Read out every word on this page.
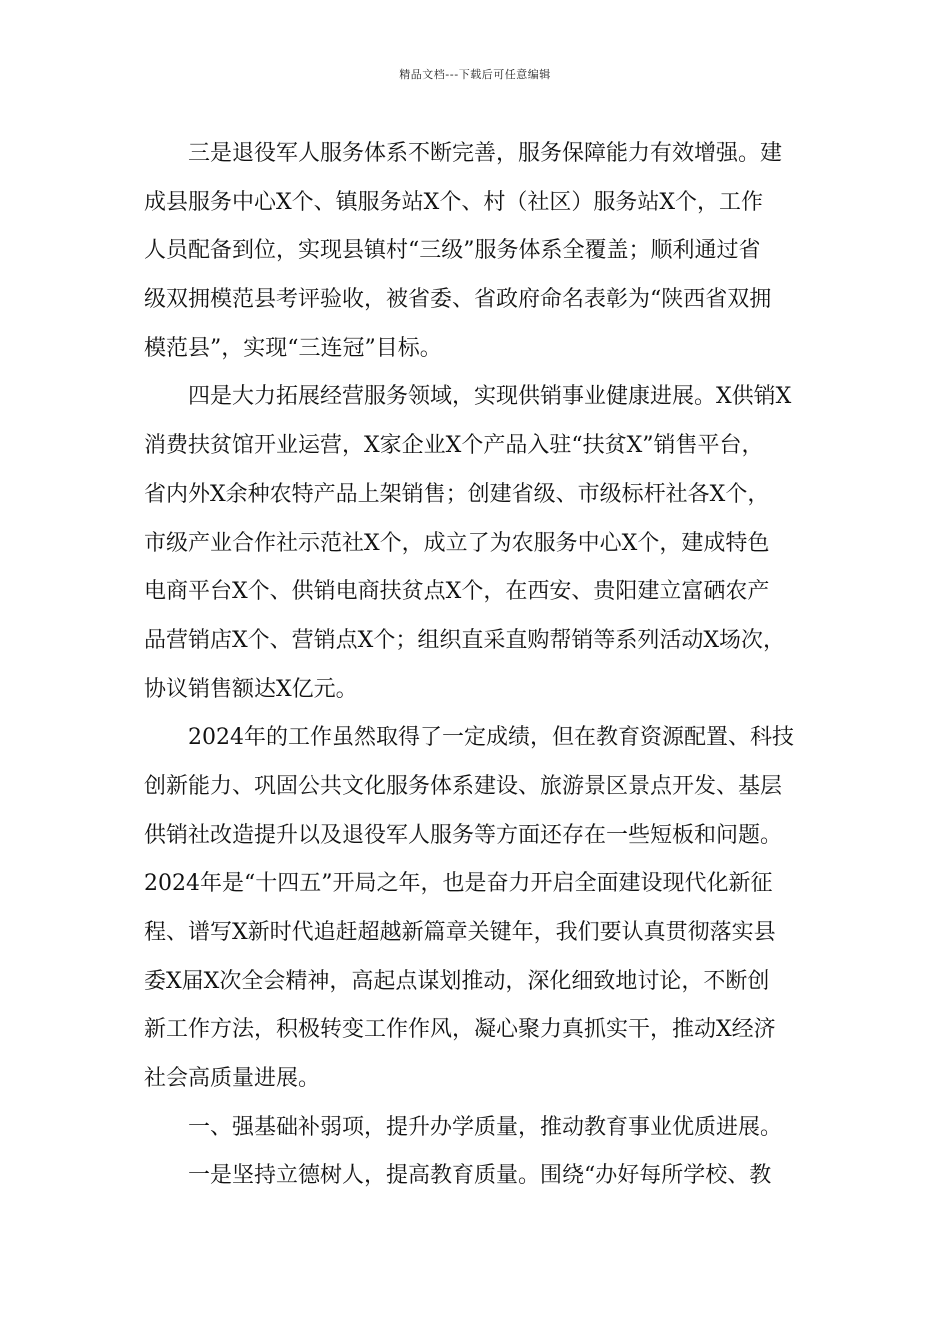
精品文档---下载后可任意编辑
　　三是退役军人服务体系不断完善，服务保障能力有效增强。建
成县服务中心X个、镇服务站X个、村（社区）服务站X个，工作
人员配备到位，实现县镇村“三级”服务体系全覆盖；顺利通过省
级双拥模范县考评验收，被省委、省政府命名表彰为“陕西省双拥
模范县”，实现“三连冠”目标。
　　四是大力拓展经营服务领域，实现供销事业健康进展。X供销X
消费扶贫馆开业运营，X家企业X个产品入驻“扶贫X”销售平台，
省内外X余种农特产品上架销售；创建省级、市级标杆社各X个，
市级产业合作社示范社X个，成立了为农服务中心X个，建成特色
电商平台X个、供销电商扶贫点X个，在西安、贵阳建立富硒农产
品营销店X个、营销点X个；组织直采直购帮销等系列活动X场次，
协议销售额达X亿元。
　　2024年的工作虽然取得了一定成绩，但在教育资源配置、科技
创新能力、巩固公共文化服务体系建设、旅游景区景点开发、基层
供销社改造提升以及退役军人服务等方面还存在一些短板和问题。
2024年是“十四五”开局之年，也是奋力开启全面建设现代化新征
程、谱写X新时代追赶超越新篇章关键年，我们要认真贯彻落实县
委X届X次全会精神，高起点谋划推动，深化细致地讨论，不断创
新工作方法，积极转变工作作风，凝心聚力真抓实干，推动X经济
社会高质量进展。
　　一、强基础补弱项，提升办学质量，推动教育事业优质进展。
　　一是坚持立德树人，提高教育质量。围绕“办好每所学校、教
